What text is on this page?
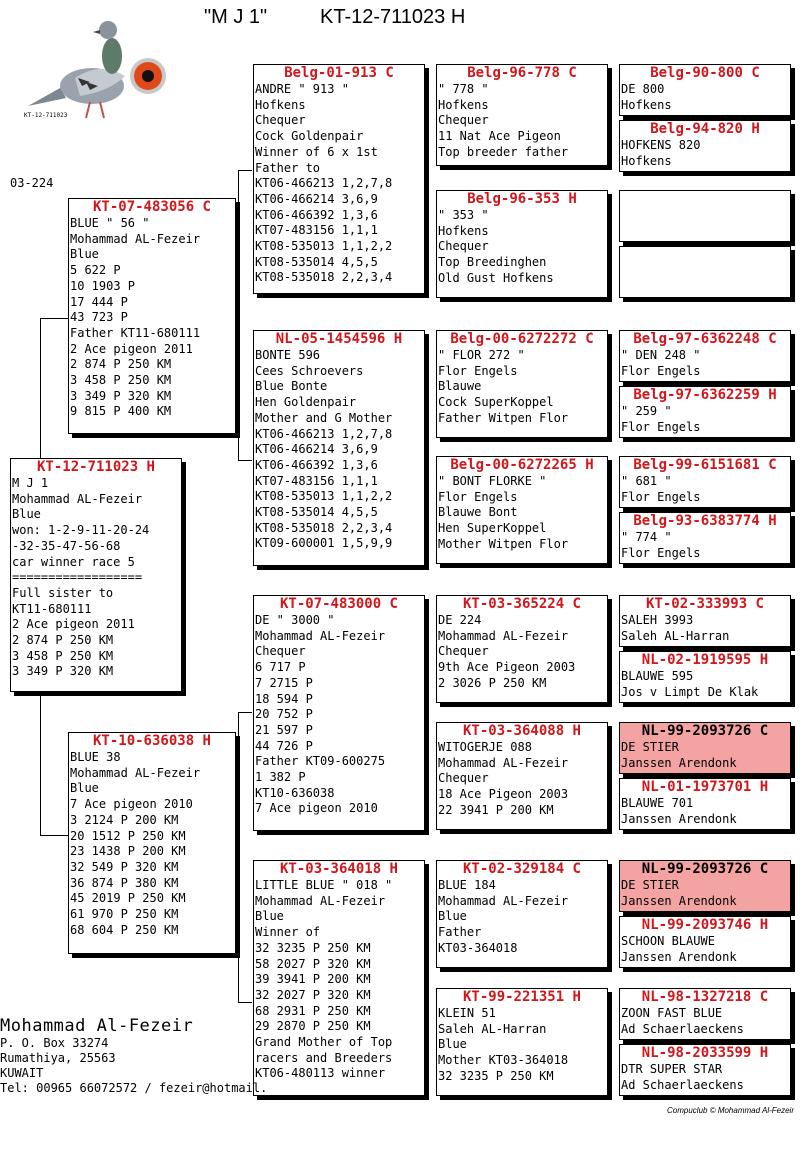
"M J 1"	KT-12-711023 H
KT-12-711023
03-224
KT-12-711023 H
M J 1
Mohammad AL-Fezeir
Blue
won: 1-2-9-11-20-24
-32-35-47-56-68
car winner race 5
==================
Full sister to
KT11-680111
2 Ace pigeon 2011
2 874 P 250 KM
3 458 P 250 KM
3 349 P 320 KM
KT-07-483056 C
BLUE " 56 "
Mohammad AL-Fezeir
Blue
5 622 P
10 1903 P
17 444 P
43 723 P
Father KT11-680111
2 Ace pigeon 2011
2 874 P 250 KM
3 458 P 250 KM
3 349 P 320 KM
9 815 P 400 KM
KT-10-636038 H
BLUE 38
Mohammad AL-Fezeir
Blue
7 Ace pigeon 2010
3 2124 P 200 KM
20 1512 P 250 KM
23 1438 P 200 KM
32 549 P 320 KM
36 874 P 380 KM
45 2019 P 250 KM
61 970 P 250 KM
68 604 P 250 KM
Belg-01-913 C
ANDRE " 913 "
Hofkens
Chequer
Cock Goldenpair
Winner of 6 x 1st
Father to
KT06-466213 1,2,7,8
KT06-466214 3,6,9
KT06-466392 1,3,6
KT07-483156 1,1,1
KT08-535013 1,1,2,2
KT08-535014 4,5,5
KT08-535018 2,2,3,4
NL-05-1454596 H
BONTE 596
Cees Schroevers
Blue Bonte
Hen Goldenpair
Mother and G Mother
KT06-466213 1,2,7,8
KT06-466214 3,6,9
KT06-466392 1,3,6
KT07-483156 1,1,1
KT08-535013 1,1,2,2
KT08-535014 4,5,5
KT08-535018 2,2,3,4
KT09-600001 1,5,9,9
KT-07-483000 C
DE " 3000 "
Mohammad AL-Fezeir
Chequer
6 717 P
7 2715 P
18 594 P
20 752 P
21 597 P
44 726 P
Father KT09-600275
1 382 P
KT10-636038
7 Ace pigeon 2010
KT-03-364018 H
LITTLE BLUE " 018 "
Mohammad AL-Fezeir
Blue
Winner of
32 3235 P 250 KM
58 2027 P 320 KM
39 3941 P 200 KM
32 2027 P 320 KM
68 2931 P 250 KM
29 2870 P 250 KM
Grand Mother of Top
racers and Breeders
KT06-480113 winner
Belg-96-778 C
" 778 "
Hofkens
Chequer
11 Nat Ace Pigeon
Top breeder father
Belg-96-353 H
" 353 "
Hofkens
Chequer
Top Breedinghen
Old Gust Hofkens
Belg-00-6272272 C
" FLOR 272 "
Flor Engels
Blauwe
Cock SuperKoppel
Father Witpen Flor
Belg-00-6272265 H
" BONT FLORKE "
Flor Engels
Blauwe Bont
Hen SuperKoppel
Mother Witpen Flor
KT-03-365224 C
DE 224
Mohammad AL-Fezeir
Chequer
9th Ace Pigeon 2003
2 3026 P 250 KM
KT-03-364088 H
WITOGERJE 088
Mohammad AL-Fezeir
Chequer
18 Ace Pigeon 2003
22 3941 P 200 KM
KT-02-329184 C
BLUE 184
Mohammad AL-Fezeir
Blue
Father
KT03-364018
KT-99-221351 H
KLEIN 51
Saleh AL-Harran
Blue
Mother KT03-364018
32 3235 P 250 KM
Belg-90-800 C
DE 800
Hofkens
Belg-94-820 H
HOFKENS 820
Hofkens
Belg-97-6362248 C
" DEN 248 "
Flor Engels
Belg-97-6362259 H
" 259 "
Flor Engels
Belg-99-6151681 C
" 681 "
Flor Engels
Belg-93-6383774 H
" 774 "
Flor Engels
KT-02-333993 C
SALEH 3993
Saleh AL-Harran
NL-02-1919595 H
BLAUWE 595
Jos v Limpt De Klak
NL-99-2093726 C
DE STIER
Janssen Arendonk
NL-01-1973701 H
BLAUWE 701
Janssen Arendonk
NL-99-2093726 C
DE STIER
Janssen Arendonk
NL-99-2093746 H
SCHOON BLAUWE
Janssen Arendonk
NL-98-1327218 C
ZOON FAST BLUE
Ad Schaerlaeckens
NL-98-2033599 H
DTR SUPER STAR
Ad Schaerlaeckens
Mohammad Al-Fezeir
P. O. Box 33274
Rumathiya, 25563
KUWAIT
Tel: 00965 66072572 / fezeir@hotmail.
Compuclub © Mohammad Al-Fezeir
